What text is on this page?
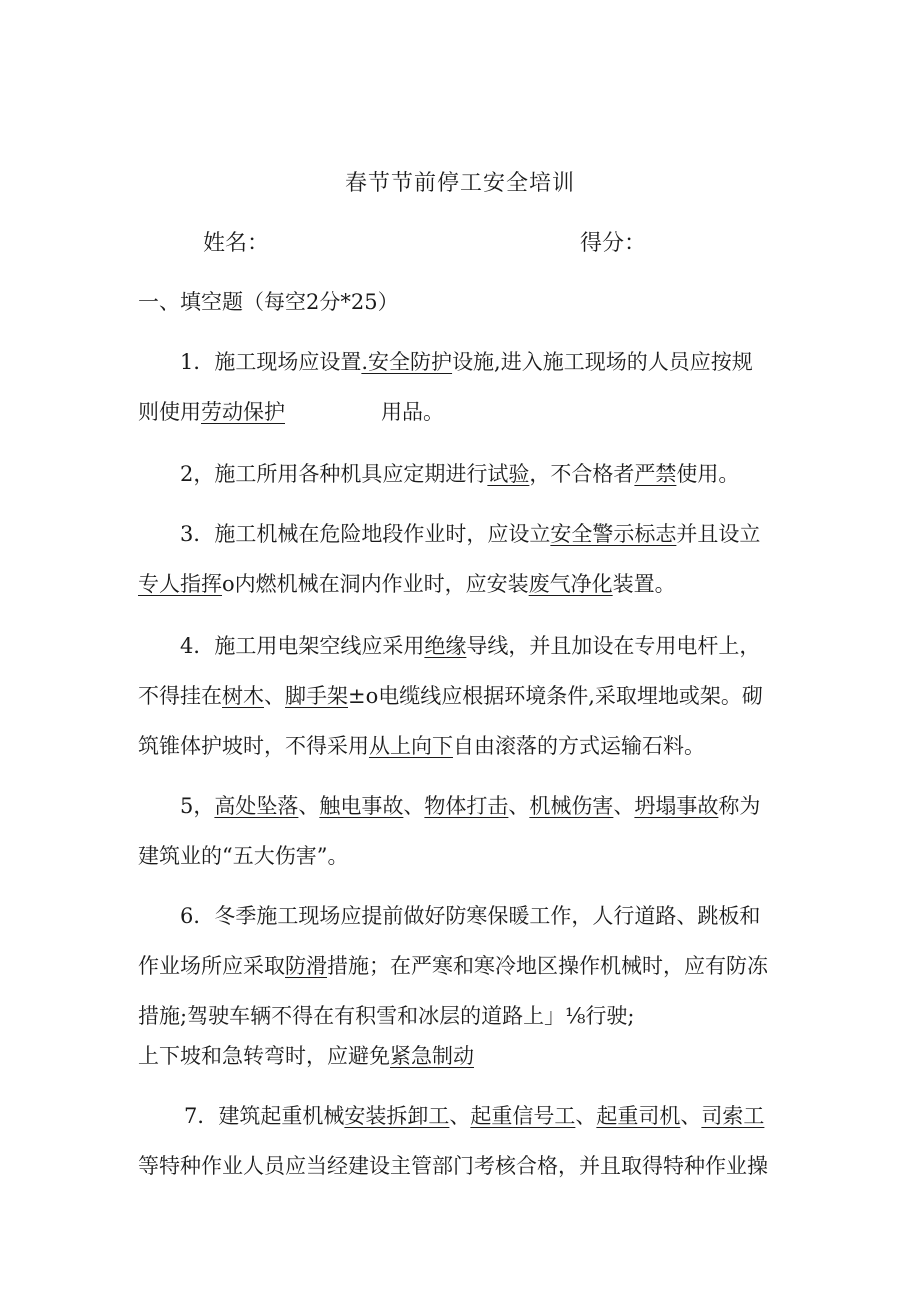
春节节前停工安全培训
姓名：	得分：
一、填空题（每空2分*25）
1．施工现场应设置.安全防护设施,进入施工现场的人员应按规
则使用劳动保护	用品。
2，施工所用各种机具应定期进行试验，不合格者严禁使用。
3．施工机械在危险地段作业时，应设立安全警示标志并且设立
专人指挥o内燃机械在洞内作业时，应安装废气净化装置。
4．施工用电架空线应采用绝缘导线，并且加设在专用电杆上，
不得挂在树木、脚手架±o电缆线应根据环境条件,采取埋地或架。砌
筑锥体护坡时，不得采用从上向下自由滚落的方式运输石料。
5，高处坠落、触电事故、物体打击、机械伤害、坍塌事故称为
建筑业的“五大伤害”。
6．冬季施工现场应提前做好防寒保暖工作，人行道路、跳板和
作业场所应采取防滑措施；在严寒和寒冷地区操作机械时，应有防冻
措施;驾驶车辆不得在有积雪和冰层的道路上」⅛行驶;
上下坡和急转弯时，应避免紧急制动
7．建筑起重机械安装拆卸工、起重信号工、起重司机、司索工
等特种作业人员应当经建设主管部门考核合格，并且取得特种作业操
